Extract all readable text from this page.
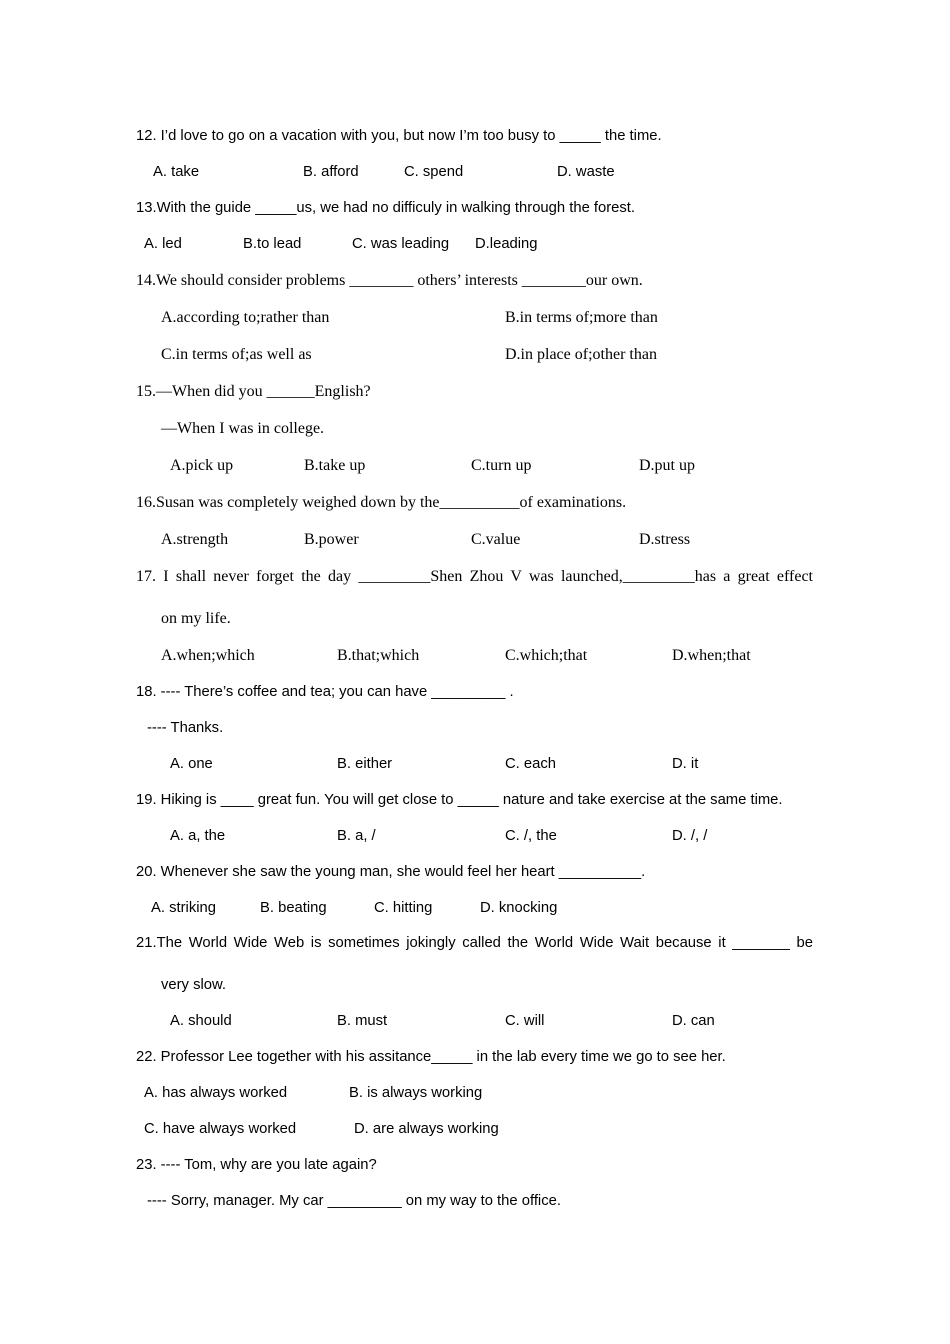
12. I’d love to go on a vacation with you, but now I’m too busy to _____ the time.
A. take	B. afford	C. spend	D. waste
13.With the guide _____us, we had no difficuly in walking through the forest.
A. led	B.to lead	C. was leading D.leading
14.We should consider problems ________ others’ interests ________our own.
A.according to;rather than	B.in terms of;more than
C.in terms of;as well as	D.in place of;other than
15.—When did you ______English?
—When I was in college.
A.pick up	B.take up	C.turn up	D.put up
16.Susan was completely weighed down by the__________of examinations.
A.strength	B.power	C.value	D.stress
17. I shall never forget the day _________Shen Zhou V was launched,_________has a great effect
on my life.
A.when;which	B.that;which	C.which;that	D.when;that
18. ---- There’s coffee and tea; you can have _________ .
---- Thanks.
A. one	B. either	C. each	D. it
19. Hiking is ____ great fun. You will get close to _____ nature and take exercise at the same time.
A. a, the	B. a, /	C. /, the	D. /, /
20. Whenever she saw the young man, she would feel her heart __________.
A. striking	B. beating	C. hitting	D. knocking
21.The World Wide Web is sometimes jokingly called the World Wide Wait because it _______ be
very slow.
A. should	B. must	C. will	D. can
22. Professor Lee together with his assitance_____ in the lab every time we go to see her.
A. has always worked	B. is always working
C. have always worked	D. are always working
23. ---- Tom, why are you late again?
---- Sorry, manager. My car _________ on my way to the office.
